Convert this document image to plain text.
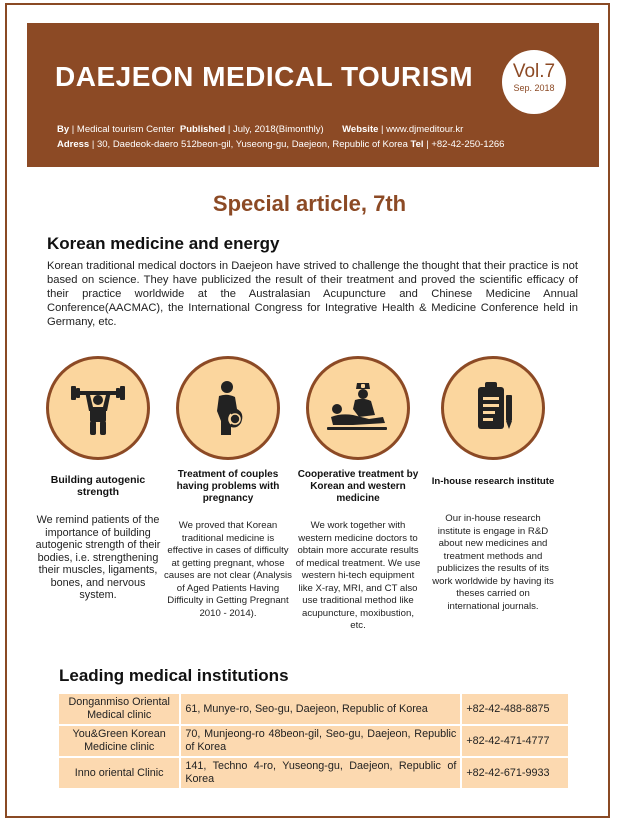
DAEJEON MEDICAL TOURISM	Vol.7
Sep. 2018
By | Medical tourism Center Published | July, 2018(Bimonthly) Website | www.djmeditour.kr
Adress | 30, Daedeok-daero 512beon-gil, Yuseong-gu, Daejeon, Republic of Korea Tel | +82-42-250-1266
Special article, 7th
Korean medicine and energy
Korean traditional medical doctors in Daejeon have strived to challenge the thought that their practice is not based on science. They have publicized the result of their treatment and proved the scientific efficacy of their practice worldwide at the Australasian Acupuncture and Chinese Medicine Annual Conference(AACMAC), the International Congress for Integrative Health & Medicine Conference held in Germany, etc.
Building autogenic strength
We remind patients of the importance of building autogenic strength of their bodies, i.e. strengthening their muscles, ligaments, bones, and nervous system.
Treatment of couples having problems with pregnancy
We proved that Korean traditional medicine is effective in cases of difficulty at getting pregnant, whose causes are not clear (Analysis of Aged Patients Having Difficulty in Getting Pregnant 2010 - 2014).
Cooperative treatment by Korean and western medicine
We work together with western medicine doctors to obtain more accurate results of medical treatment. We use western hi-tech equipment like X-ray, MRI, and CT also use traditional method like acupuncture, moxibustion, etc.
In-house research institute
Our in-house research institute is engage in R&D about new medicines and treatment methods and publicizes the results of its work worldwide by having its theses carried on international journals.
Leading medical institutions
Donganmiso Oriental Medical clinic	61, Munye-ro, Seo-gu, Daejeon, Republic of Korea	+82-42-488-8875
You&Green Korean Medicine clinic	70, Munjeong-ro 48beon-gil, Seo-gu, Daejeon, Republic of Korea	+82-42-471-4777
Inno oriental Clinic	141, Techno 4-ro, Yuseong-gu, Daejeon, Republic of Korea	+82-42-671-9933
